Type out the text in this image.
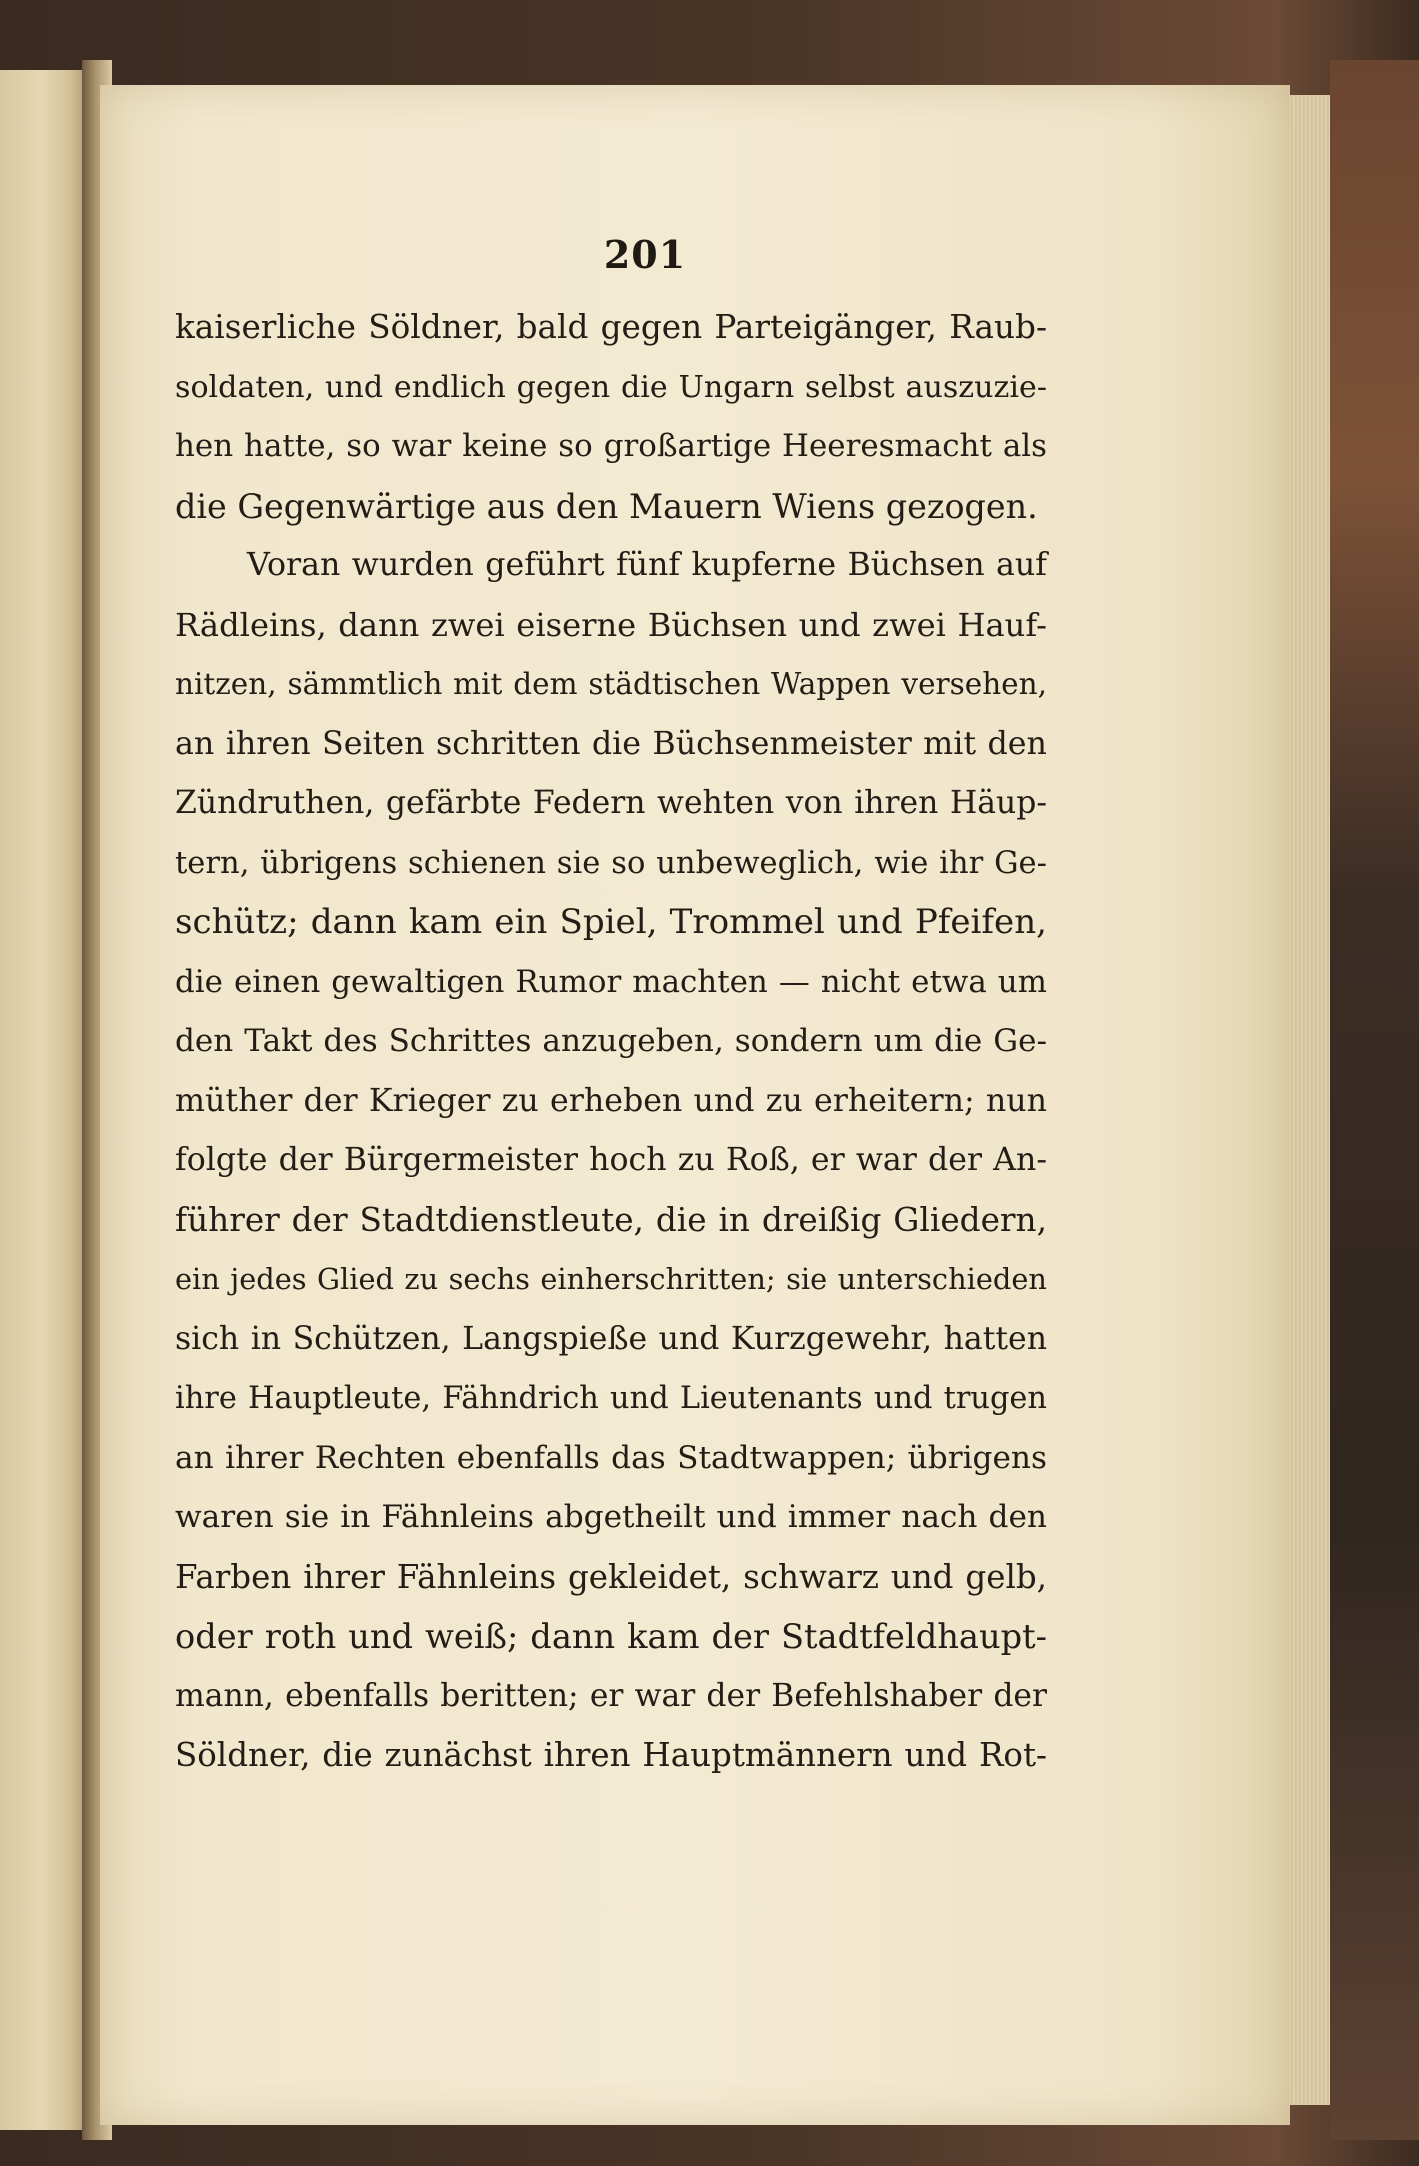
201
kaiserliche Söldner, bald gegen Parteigänger, Raub-
soldaten, und endlich gegen die Ungarn selbst auszuzie-
hen hatte, so war keine so großartige Heeresmacht als
die Gegenwärtige aus den Mauern Wiens gezogen.
Voran wurden geführt fünf kupferne Büchsen auf
Rädleins, dann zwei eiserne Büchsen und zwei Hauf-
nitzen, sämmtlich mit dem städtischen Wappen versehen,
an ihren Seiten schritten die Büchsenmeister mit den
Zündruthen, gefärbte Federn wehten von ihren Häup-
tern, übrigens schienen sie so unbeweglich, wie ihr Ge-
schütz; dann kam ein Spiel, Trommel und Pfeifen,
die einen gewaltigen Rumor machten — nicht etwa um
den Takt des Schrittes anzugeben, sondern um die Ge-
müther der Krieger zu erheben und zu erheitern; nun
folgte der Bürgermeister hoch zu Roß, er war der An-
führer der Stadtdienstleute, die in dreißig Gliedern,
ein jedes Glied zu sechs einherschritten; sie unterschieden
sich in Schützen, Langspieße und Kurzgewehr, hatten
ihre Hauptleute, Fähndrich und Lieutenants und trugen
an ihrer Rechten ebenfalls das Stadtwappen; übrigens
waren sie in Fähnleins abgetheilt und immer nach den
Farben ihrer Fähnleins gekleidet, schwarz und gelb,
oder roth und weiß; dann kam der Stadtfeldhaupt-
mann, ebenfalls beritten; er war der Befehlshaber der
Söldner, die zunächst ihren Hauptmännern und Rot-
